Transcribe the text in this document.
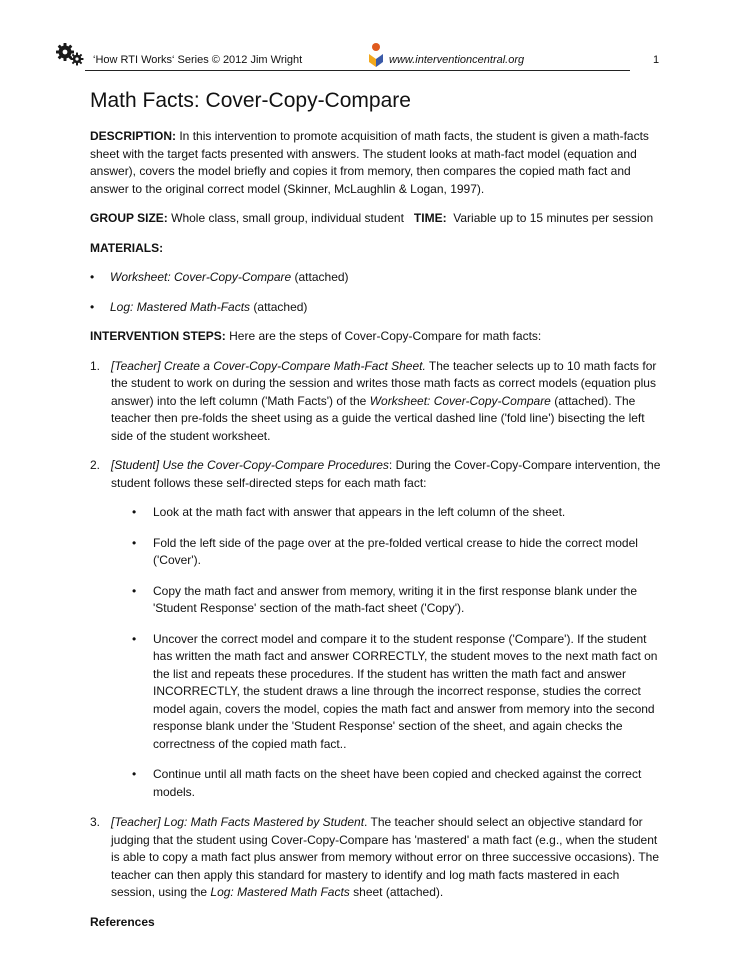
‘How RTI Works‘ Series © 2012 Jim Wright	www.interventioncentral.org	1
Math Facts: Cover-Copy-Compare

DESCRIPTION: In this intervention to promote acquisition of math facts, the student is given a math-facts sheet with the target facts presented with answers. The student looks at math-fact model (equation and answer), covers the model briefly and copies it from memory, then compares the copied math fact and answer to the original correct model (Skinner, McLaughlin & Logan, 1997).

GROUP SIZE: Whole class, small group, individual student   TIME:  Variable up to 15 minutes per session

MATERIALS:

• Worksheet: Cover-Copy-Compare (attached)
• Log: Mastered Math-Facts (attached)

INTERVENTION STEPS: Here are the steps of Cover-Copy-Compare for math facts:

1. [Teacher] Create a Cover-Copy-Compare Math-Fact Sheet. The teacher selects up to 10 math facts for the student to work on during the session and writes those math facts as correct models (equation plus answer) into the left column ('Math Facts') of the Worksheet: Cover-Copy-Compare (attached). The teacher then pre-folds the sheet using as a guide the vertical dashed line ('fold line') bisecting the left side of the student worksheet.
2. [Student] Use the Cover-Copy-Compare Procedures: During the Cover-Copy-Compare intervention, the student follows these self-directed steps for each math fact:
• Look at the math fact with answer that appears in the left column of the sheet.
• Fold the left side of the page over at the pre-folded vertical crease to hide the correct model ('Cover').
• Copy the math fact and answer from memory, writing it in the first response blank under the 'Student Response' section of the math-fact sheet ('Copy').
• Uncover the correct model and compare it to the student response ('Compare'). If the student has written the math fact and answer CORRECTLY, the student moves to the next math fact on the list and repeats these procedures. If the student has written the math fact and answer INCORRECTLY, the student draws a line through the incorrect response, studies the correct model again, covers the model, copies the math fact and answer from memory into the second response blank under the 'Student Response' section of the sheet, and again checks the correctness of the copied math fact..
• Continue until all math facts on the sheet have been copied and checked against the correct models.
3. [Teacher] Log: Math Facts Mastered by Student. The teacher should select an objective standard for judging that the student using Cover-Copy-Compare has 'mastered' a math fact (e.g., when the student is able to copy a math fact plus answer from memory without error on three successive occasions). The teacher can then apply this standard for mastery to identify and log math facts mastered in each session, using the Log: Mastered Math Facts sheet (attached).

References
